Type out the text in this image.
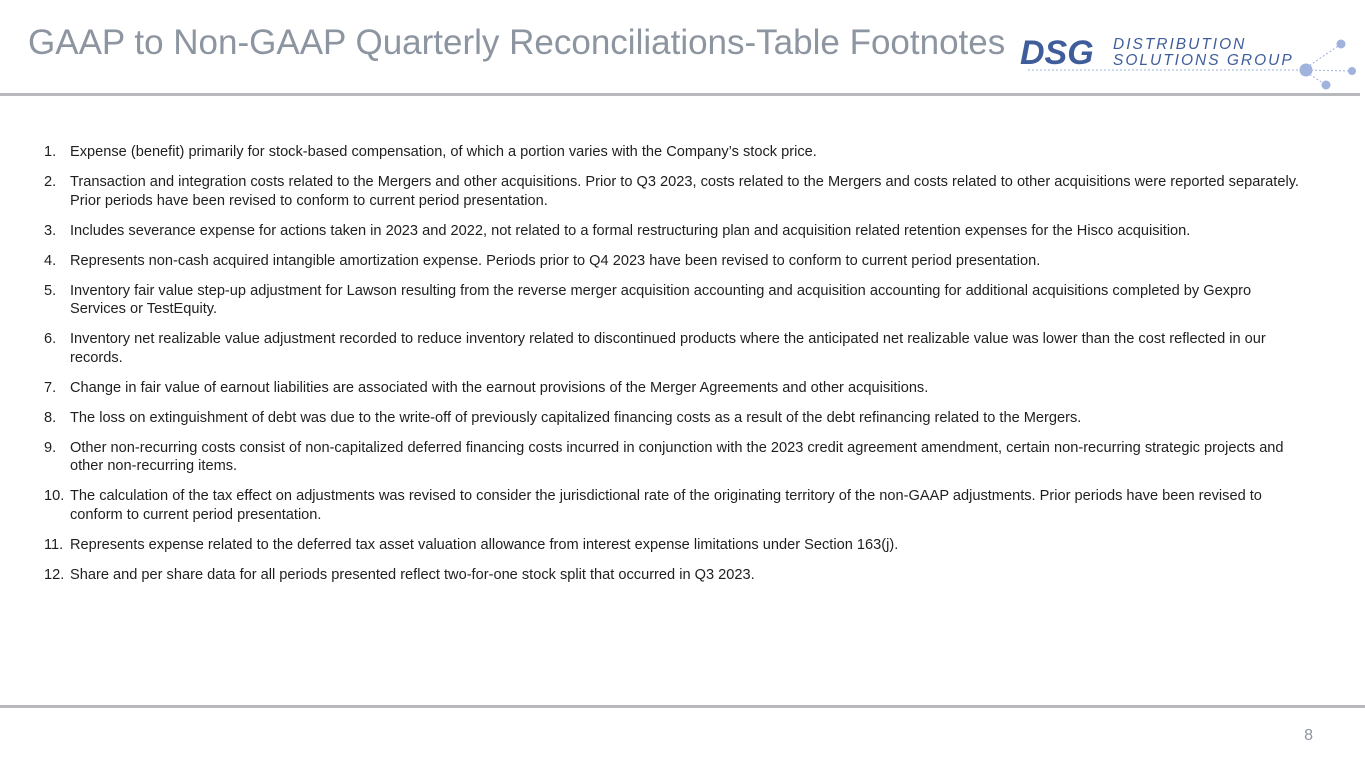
GAAP to Non-GAAP Quarterly Reconciliations-Table Footnotes DSG DISTRIBUTION
SOLUTIONS GROUP
1. Expense (benefit) primarily for stock-based compensation, of which a portion varies with the Company’s stock price.
2. Transaction and integration costs related to the Mergers and other acquisitions. Prior to Q3 2023, costs related to the Mergers and costs related to other acquisitions were reported separately. Prior periods have been revised to conform to current period presentation.
3. Includes severance expense for actions taken in 2023 and 2022, not related to a formal restructuring plan and acquisition related retention expenses for the Hisco acquisition.
4. Represents non-cash acquired intangible amortization expense. Periods prior to Q4 2023 have been revised to conform to current period presentation.
5. Inventory fair value step-up adjustment for Lawson resulting from the reverse merger acquisition accounting and acquisition accounting for additional acquisitions completed by Gexpro Services or TestEquity.
6. Inventory net realizable value adjustment recorded to reduce inventory related to discontinued products where the anticipated net realizable value was lower than the cost reflected in our records.
7. Change in fair value of earnout liabilities are associated with the earnout provisions of the Merger Agreements and other acquisitions.
8. The loss on extinguishment of debt was due to the write-off of previously capitalized financing costs as a result of the debt refinancing related to the Mergers.
9. Other non-recurring costs consist of non-capitalized deferred financing costs incurred in conjunction with the 2023 credit agreement amendment, certain non-recurring strategic projects and other non-recurring items.
10. The calculation of the tax effect on adjustments was revised to consider the jurisdictional rate of the originating territory of the non-GAAP adjustments. Prior periods have been revised to conform to current period presentation.
11. Represents expense related to the deferred tax asset valuation allowance from interest expense limitations under Section 163(j).
12. Share and per share data for all periods presented reflect two-for-one stock split that occurred in Q3 2023.
8
